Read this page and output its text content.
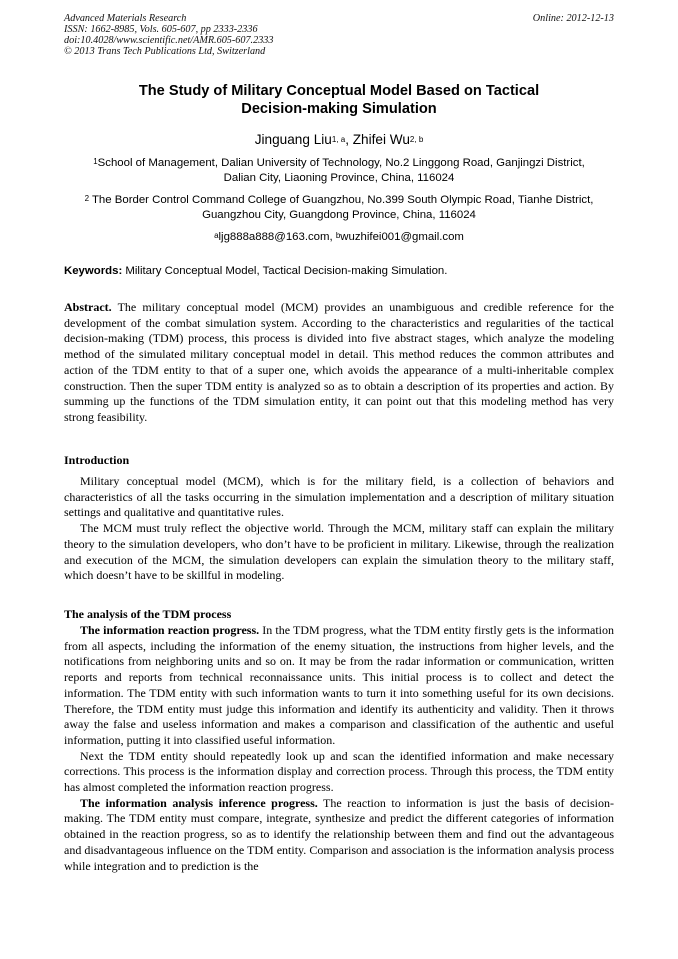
Advanced Materials Research
ISSN: 1662-8985, Vols. 605-607, pp 2333-2336
doi:10.4028/www.scientific.net/AMR.605-607.2333
© 2013 Trans Tech Publications Ltd, Switzerland
Online: 2012-12-13
The Study of Military Conceptual Model Based on Tactical
Decision-making Simulation
Jinguang Liu$^{1, a}$, Zhifei Wu$^{2, b}$
$^1$School of Management, Dalian University of Technology, No.2 Linggong Road, Ganjingzi District,
Dalian City, Liaoning Province, China, 116024
$^2$ The Border Control Command College of Guangzhou, No.399 South Olympic Road, Tianhe District,
Guangzhou City, Guangdong Province, China, 116024
$^a$ljg888a888@163.com, $^b$wuzhifei001@gmail.com
Keywords: Military Conceptual Model, Tactical Decision-making Simulation.

Abstract. The military conceptual model (MCM) provides an unambiguous and credible reference for the development of the combat simulation system. According to the characteristics and regularities of the tactical decision-making (TDM) process, this process is divided into five abstract stages, which analyze the modeling method of the simulated military conceptual model in detail. This method reduces the common attributes and action of the TDM entity to that of a super one, which avoids the appearance of a multi-inheritable complex construction. Then the super TDM entity is analyzed so as to obtain a description of its properties and action. By summing up the functions of the TDM simulation entity, it can point out that this modeling method has very strong feasibility.

Introduction

Military conceptual model (MCM), which is for the military field, is a collection of behaviors and characteristics of all the tasks occurring in the simulation implementation and a description of military situation settings and qualitative and quantitative rules.

The MCM must truly reflect the objective world. Through the MCM, military staff can explain the military theory to the simulation developers, who don’t have to be proficient in military. Likewise, through the realization and execution of the MCM, the simulation developers can explain the simulation theory to the military staff, which doesn’t have to be skillful in modeling.

The analysis of the TDM process

The information reaction progress. In the TDM progress, what the TDM entity firstly gets is the information from all aspects, including the information of the enemy situation, the instructions from higher levels, and the notifications from neighboring units and so on. It may be from the radar information or communication, written reports and reports from technical reconnaissance units. This initial process is to collect and detect the information. The TDM entity with such information wants to turn it into something useful for its own decisions. Therefore, the TDM entity must judge this information and identify its authenticity and validity. Then it throws away the false and useless information and makes a comparison and classification of the authentic and useful information, putting it into classified useful information.

Next the TDM entity should repeatedly look up and scan the identified information and make necessary corrections. This process is the information display and correction process. Through this process, the TDM entity has almost completed the information reaction progress.

The information analysis inference progress. The reaction to information is just the basis of decision-making. The TDM entity must compare, integrate, synthesize and predict the different categories of information obtained in the reaction progress, so as to identify the relationship between them and find out the advantageous and disadvantageous influence on the TDM entity. Comparison and association is the information analysis process while integration and to prediction is the
